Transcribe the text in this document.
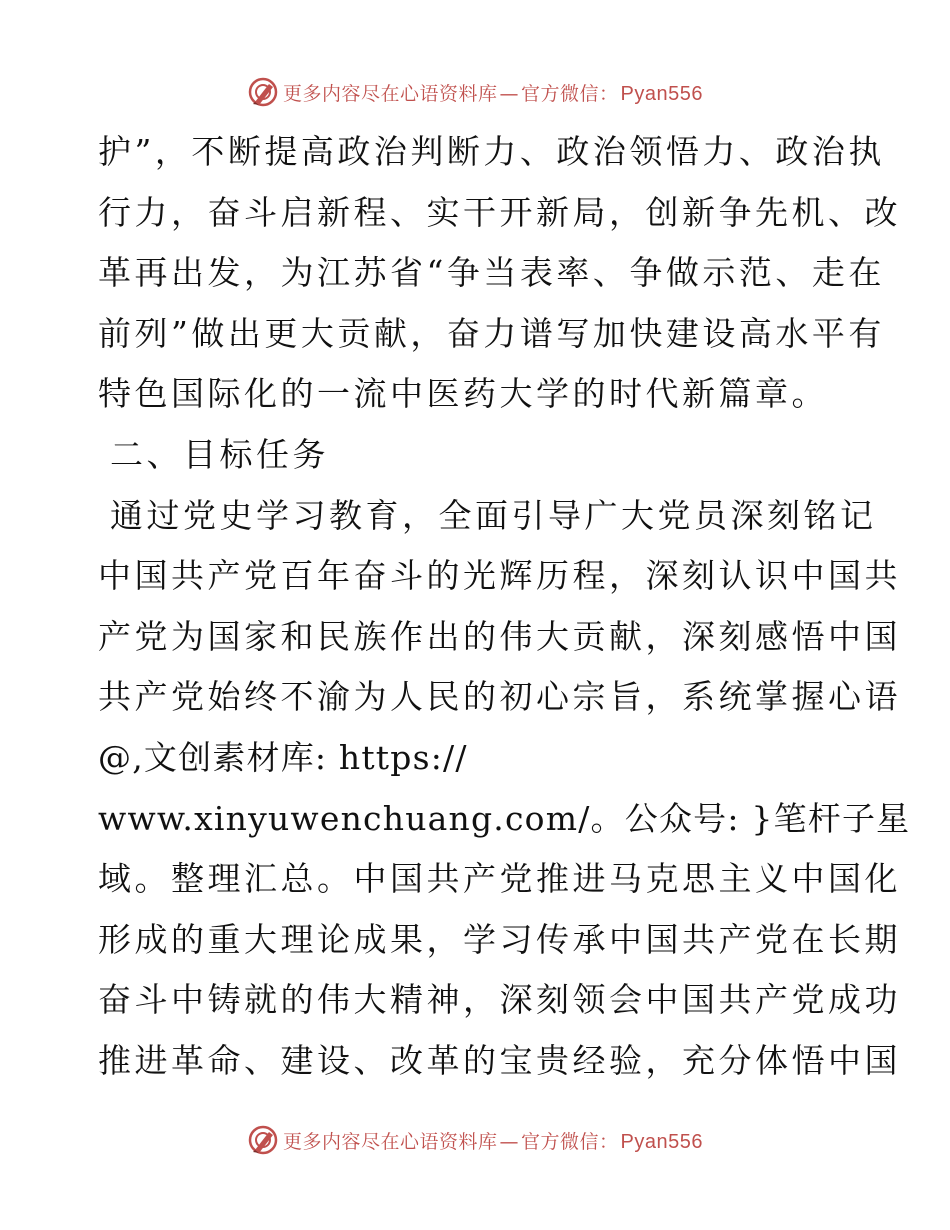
更多内容尽在心语资料库 — 官方微信： Pyan556
护”，不断提高政治判断力、政治领悟力、政治执
行力，奋斗启新程、实干开新局，创新争先机、改
革再出发，为江苏省“争当表率、争做示范、走在
前列”做出更大贡献，奋力谱写加快建设高水平有
特色国际化的一流中医药大学的时代新篇章。
二、目标任务
通过党史学习教育，全面引导广大党员深刻铭记
中国共产党百年奋斗的光辉历程，深刻认识中国共
产党为国家和民族作出的伟大贡献，深刻感悟中国
共产党始终不渝为人民的初心宗旨，系统掌握心语
@,文创素材库: https://
www.xinyuwenchuang.com/。公众号: }笔杆子星
域。整理汇总。中国共产党推进马克思主义中国化
形成的重大理论成果，学习传承中国共产党在长期
奋斗中铸就的伟大精神，深刻领会中国共产党成功
推进革命、建设、改革的宝贵经验，充分体悟中国
更多内容尽在心语资料库 — 官方微信： Pyan556
